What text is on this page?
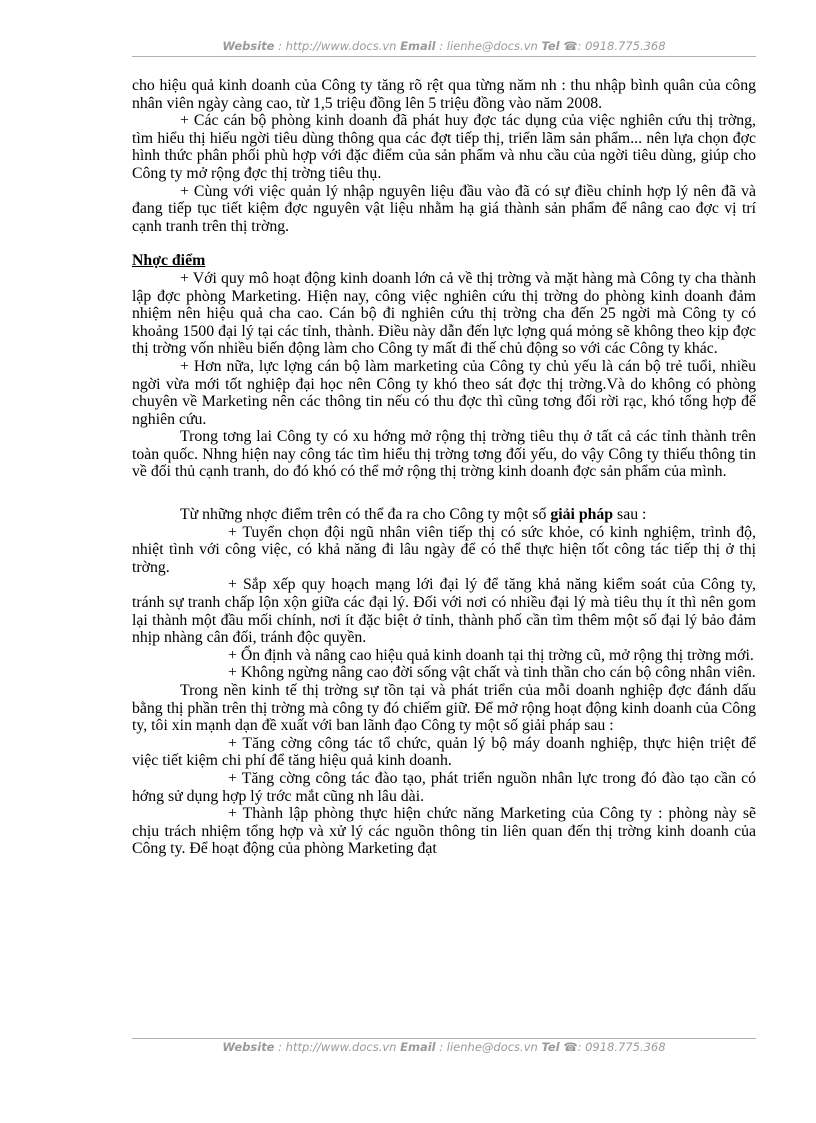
Website : http://www.docs.vn Email : lienhe@docs.vn Tel ☎: 0918.775.368

cho hiệu quả kinh doanh của Công ty tăng rõ rệt qua từng năm nh : thu nhập bình quân của công nhân viên ngày càng cao, từ 1,5 triệu đồng lên 5 triệu đồng vào năm 2008.

+ Các cán bộ phòng kinh doanh đã phát huy đợc tác dụng của việc nghiên cứu thị trờng, tìm hiểu thị hiếu ngời tiêu dùng thông qua các đợt tiếp thị, triển lãm sản phẩm... nên lựa chọn đợc hình thức phân phối phù hợp với đặc điểm của sản phẩm và nhu cầu của ngời tiêu dùng, giúp cho Công ty mở rộng đợc thị trờng tiêu thụ.

+ Cùng với việc quản lý nhập nguyên liệu đầu vào đã có sự điều chỉnh hợp lý nên đã và đang tiếp tục tiết kiệm đợc nguyên vật liệu nhằm hạ giá thành sản phẩm để nâng cao đợc vị trí cạnh tranh trên thị trờng.

Nhợc điểm

+ Với quy mô hoạt động kinh doanh lớn cả về thị trờng và mặt hàng mà Công ty cha thành lập đợc phòng Marketing. Hiện nay, công việc nghiên cứu thị trờng do phòng kinh doanh đảm nhiệm nên hiệu quả cha cao. Cán bộ đi nghiên cứu thị trờng cha đến 25 ngời mà Công ty có khoảng 1500 đại lý tại các tỉnh, thành. Điều này dẫn đến lực lợng quá mỏng sẽ không theo kịp đợc thị trờng vốn nhiều biến động làm cho Công ty mất đi thế chủ động so với các Công ty khác.

+ Hơn nữa, lực lợng cán bộ làm marketing của Công ty chủ yếu là cán bộ trẻ tuổi, nhiều ngời vừa mới tốt nghiệp đại học nên Công ty khó theo sát đợc thị trờng.Và do không có phòng chuyên về Marketing nên các thông tin nếu có thu đợc thì cũng tơng đối rời rạc, khó tổng hợp để nghiên cứu.

Trong tơng lai Công ty có xu hớng mở rộng thị trờng tiêu thụ ở tất cả các tỉnh thành trên toàn quốc. Nhng hiện nay công tác tìm hiểu thị trờng tơng đối yếu, do vậy Công ty thiếu thông tin về đối thủ cạnh tranh, do đó khó có thể mở rộng thị trờng kinh doanh đợc sản phẩm của mình.

Từ những nhợc điểm trên có thể đa ra cho Công ty một số giải pháp sau :

+ Tuyển chọn đội ngũ nhân viên tiếp thị có sức khỏe, có kinh nghiệm, trình độ, nhiệt tình với công việc, có khả năng đi lâu ngày để có thể thực hiện tốt công tác tiếp thị ở thị trờng.

+ Sắp xếp quy hoạch mạng lới đại lý để tăng khả năng kiểm soát của Công ty, tránh sự tranh chấp lộn xộn giữa các đại lý. Đối với nơi có nhiều đại lý mà tiêu thụ ít thì nên gom lại thành một đầu mối chính, nơi ít đặc biệt ở tỉnh, thành phố cần tìm thêm một số đại lý bảo đảm nhịp nhàng cân đối, tránh độc quyền.

+ Ổn định và nâng cao hiệu quả kinh doanh tại thị trờng cũ, mở rộng thị trờng mới.

+ Không ngừng nâng cao đời sống vật chất và tinh thần cho cán bộ công nhân viên.

Trong nền kinh tế thị trờng sự tồn tại và phát triển của mỗi doanh nghiệp đợc đánh dấu bằng thị phần trên thị trờng mà công ty đó chiếm giữ. Để mở rộng hoạt động kinh doanh của Công ty, tôi xin mạnh dạn đề xuất với ban lãnh đạo Công ty một số giải pháp sau :

+ Tăng cờng công tác tổ chức, quản lý bộ máy doanh nghiệp, thực hiện triệt để việc tiết kiệm chi phí để tăng hiệu quả kinh doanh.

+ Tăng cờng công tác đào tạo, phát triển nguồn nhân lực trong đó đào tạo cần có hớng sử dụng hợp lý trớc mắt cũng nh lâu dài.

+ Thành lập phòng thực hiện chức năng Marketing của Công ty : phòng này sẽ chịu trách nhiệm tổng hợp và xử lý các nguồn thông tin liên quan đến thị trờng kinh doanh của Công ty. Để hoạt động của phòng Marketing đạt

Website : http://www.docs.vn Email : lienhe@docs.vn Tel ☎: 0918.775.368
